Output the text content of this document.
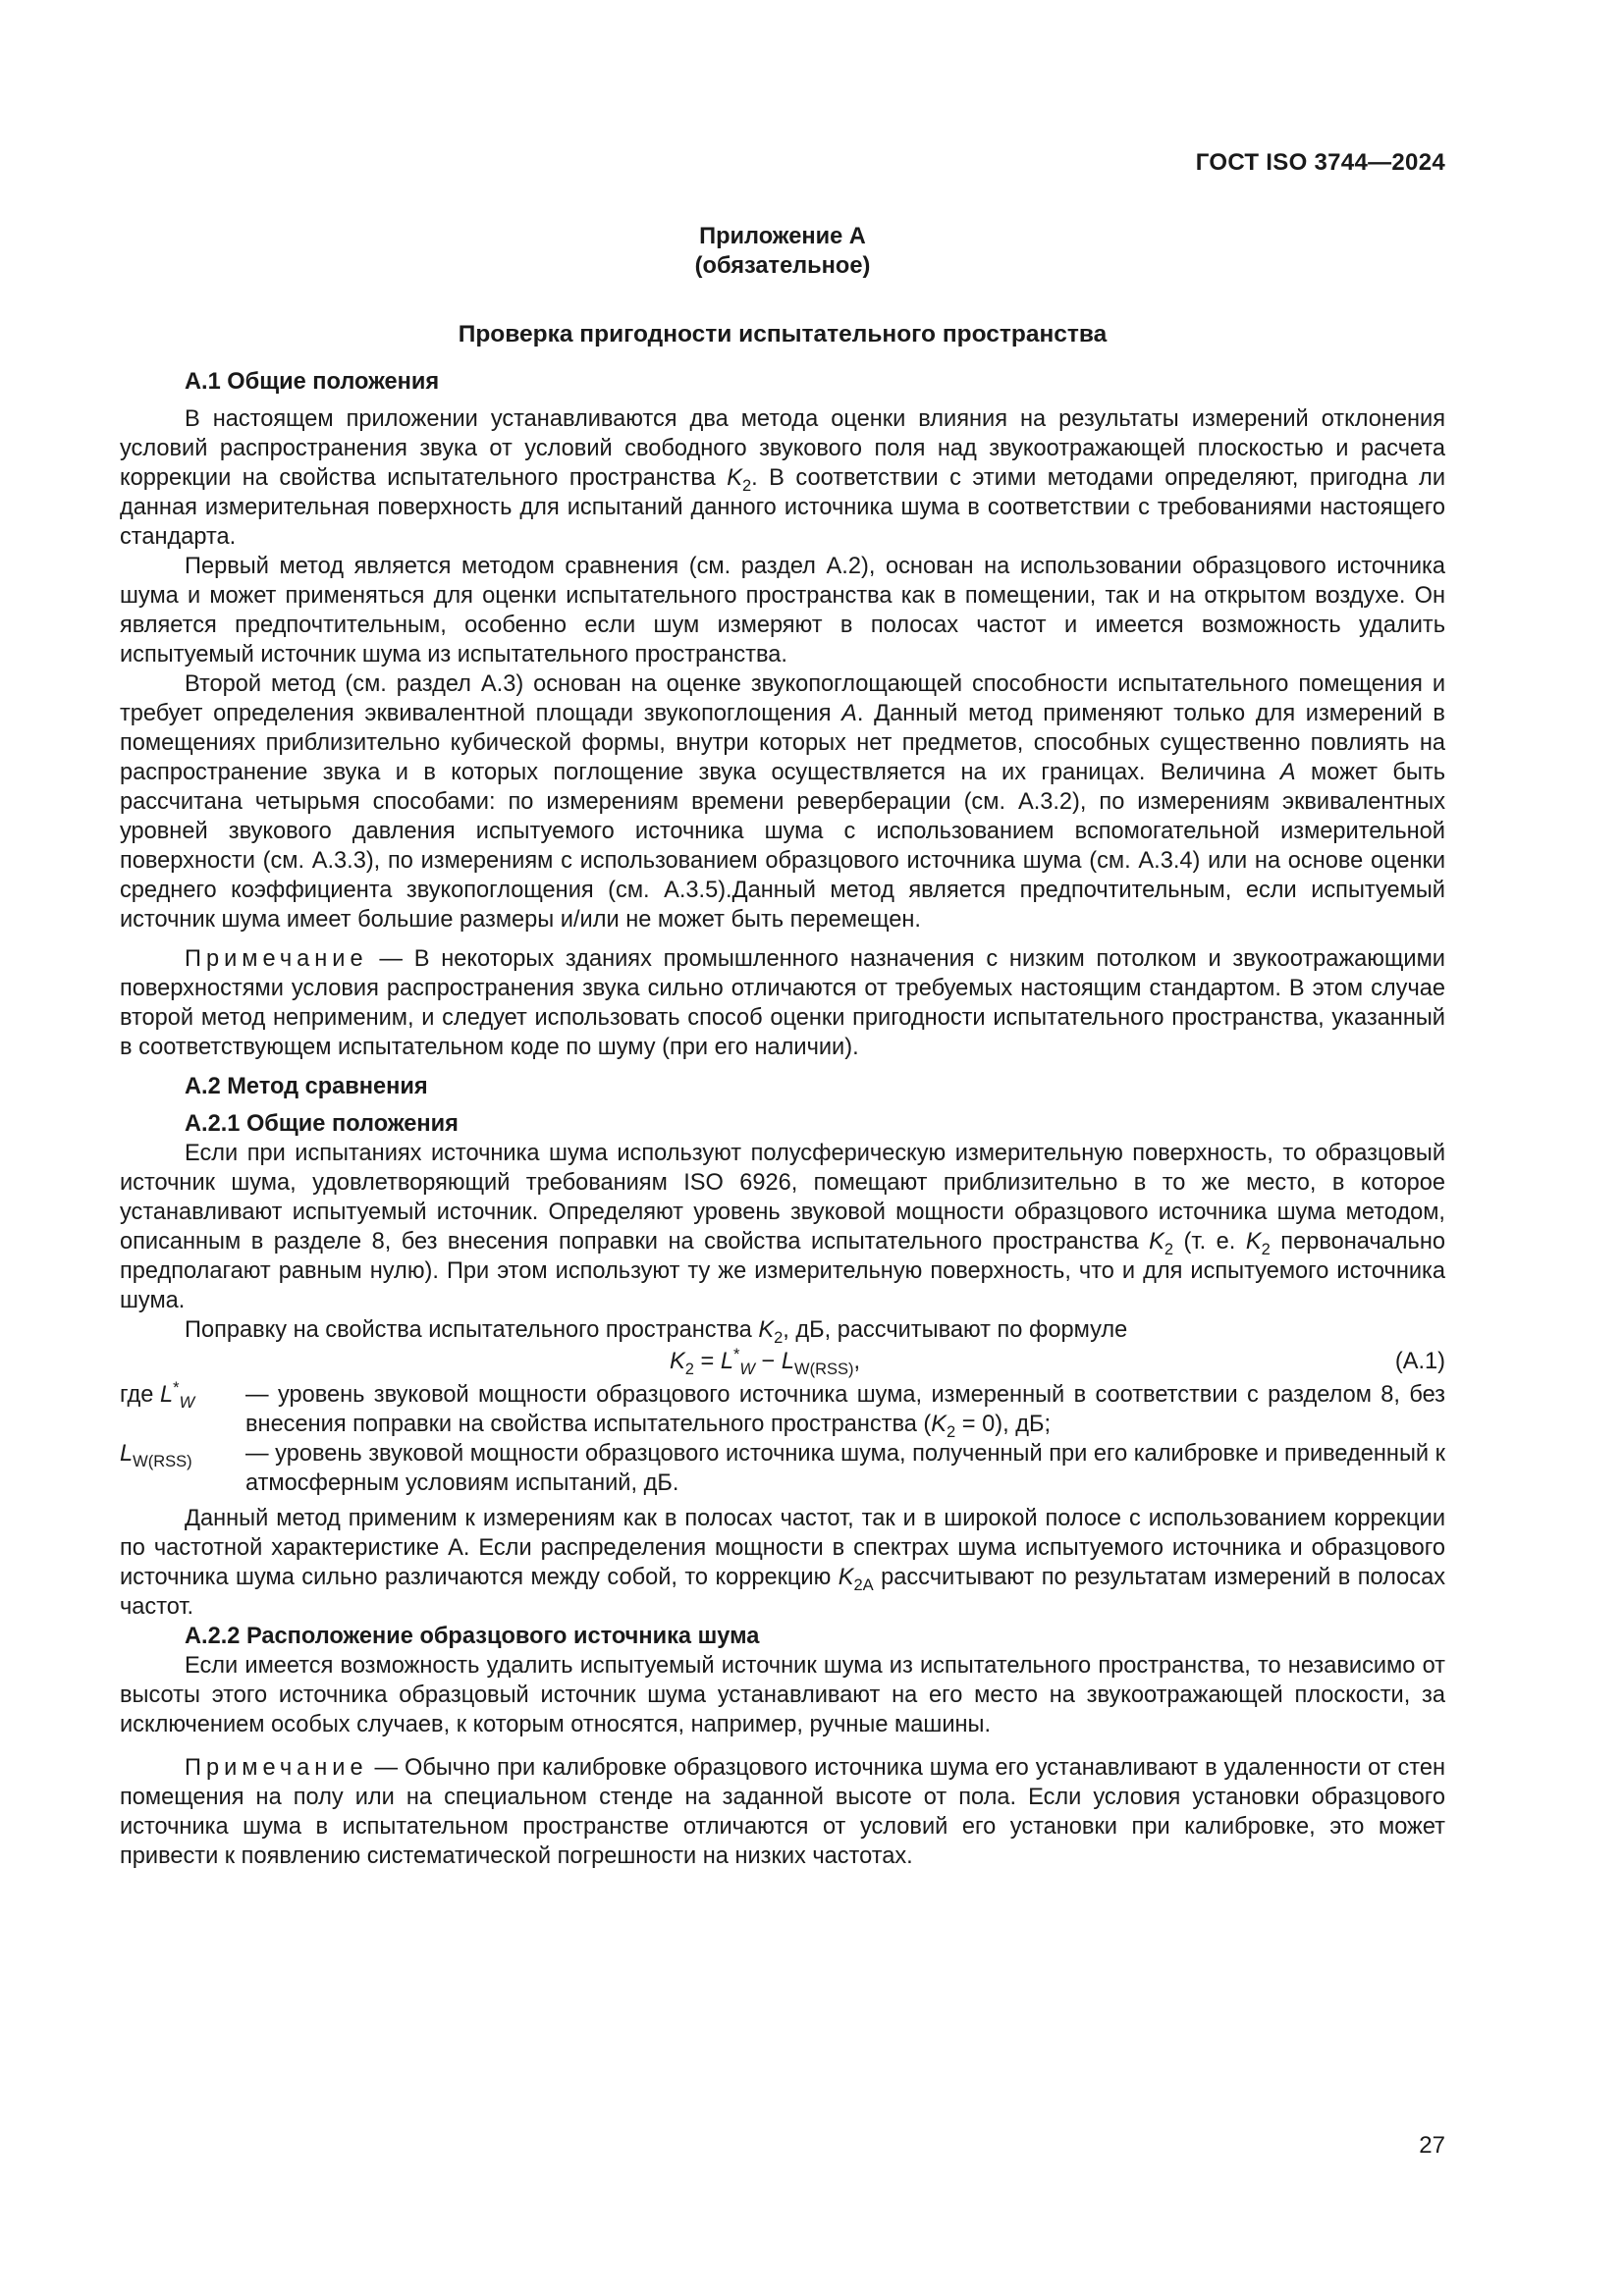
ГОСТ ISO 3744—2024

Приложение А

(обязательное)

Проверка пригодности испытательного пространства

А.1 Общие положения

В настоящем приложении устанавливаются два метода оценки влияния на результаты измерений отклонения условий распространения звука от условий свободного звукового поля над звукоотражающей плоскостью и расчета коррекции на свойства испытательного пространства $K_2$. В соответствии с этими методами определяют, пригодна ли данная измерительная поверхность для испытаний данного источника шума в соответствии с требованиями настоящего стандарта.

Первый метод является методом сравнения (см. раздел А.2), основан на использовании образцового источника шума и может применяться для оценки испытательного пространства как в помещении, так и на открытом воздухе. Он является предпочтительным, особенно если шум измеряют в полосах частот и имеется возможность удалить испытуемый источник шума из испытательного пространства.

Второй метод (см. раздел А.3) основан на оценке звукопоглощающей способности испытательного помещения и требует определения эквивалентной площади звукопоглощения A. Данный метод применяют только для измерений в помещениях приблизительно кубической формы, внутри которых нет предметов, способных существенно повлиять на распространение звука и в которых поглощение звука осуществляется на их границах. Величина A может быть рассчитана четырьмя способами: по измерениям времени реверберации (см. А.3.2), по измерениям эквивалентных уровней звукового давления испытуемого источника шума с использованием вспомогательной измерительной поверхности (см. А.3.3), по измерениям с использованием образцового источника шума (см. А.3.4) или на основе оценки среднего коэффициента звукопоглощения (см. А.3.5).Данный метод является предпочтительным, если испытуемый источник шума имеет большие размеры и/или не может быть перемещен.

Примечание — В некоторых зданиях промышленного назначения с низким потолком и звукоотражающими поверхностями условия распространения звука сильно отличаются от требуемых настоящим стандартом. В этом случае второй метод неприменим, и следует использовать способ оценки пригодности испытательного пространства, указанный в соответствующем испытательном коде по шуму (при его наличии).

А.2 Метод сравнения

А.2.1 Общие положения

Если при испытаниях источника шума используют полусферическую измерительную поверхность, то образцовый источник шума, удовлетворяющий требованиям ISO 6926, помещают приблизительно в то же место, в которое устанавливают испытуемый источник. Определяют уровень звуковой мощности образцового источника шума методом, описанным в разделе 8, без внесения поправки на свойства испытательного пространства $K_2$ (т. е. $K_2$ первоначально предполагают равным нулю). При этом используют ту же измерительную поверхность, что и для испытуемого источника шума.

Поправку на свойства испытательного пространства $K_2$, дБ, рассчитывают по формуле

$K_2 = L^*_W - L_{W(RSS)}$,	(A.1)
где $L^*_W$	— уровень звуковой мощности образцового источника шума, измеренный в соответствии с разделом 8, без внесения поправки на свойства испытательного пространства $(K_2 = 0)$, дБ;
$L_{W(RSS)}$	— уровень звуковой мощности образцового источника шума, полученный при его калибровке и приведенный к атмосферным условиям испытаний, дБ.

Данный метод применим к измерениям как в полосах частот, так и в широкой полосе с использованием коррекции по частотной характеристике А. Если распределения мощности в спектрах шума испытуемого источника и образцового источника шума сильно различаются между собой, то коррекцию $K_{2A}$ рассчитывают по результатам измерений в полосах частот.

А.2.2 Расположение образцового источника шума

Если имеется возможность удалить испытуемый источник шума из испытательного пространства, то независимо от высоты этого источника образцовый источник шума устанавливают на его место на звукоотражающей плоскости, за исключением особых случаев, к которым относятся, например, ручные машины.

Примечание — Обычно при калибровке образцового источника шума его устанавливают в удаленности от стен помещения на полу или на специальном стенде на заданной высоте от пола. Если условия установки образцового источника шума в испытательном пространстве отличаются от условий его установки при калибровке, это может привести к появлению систематической погрешности на низких частотах.

27
